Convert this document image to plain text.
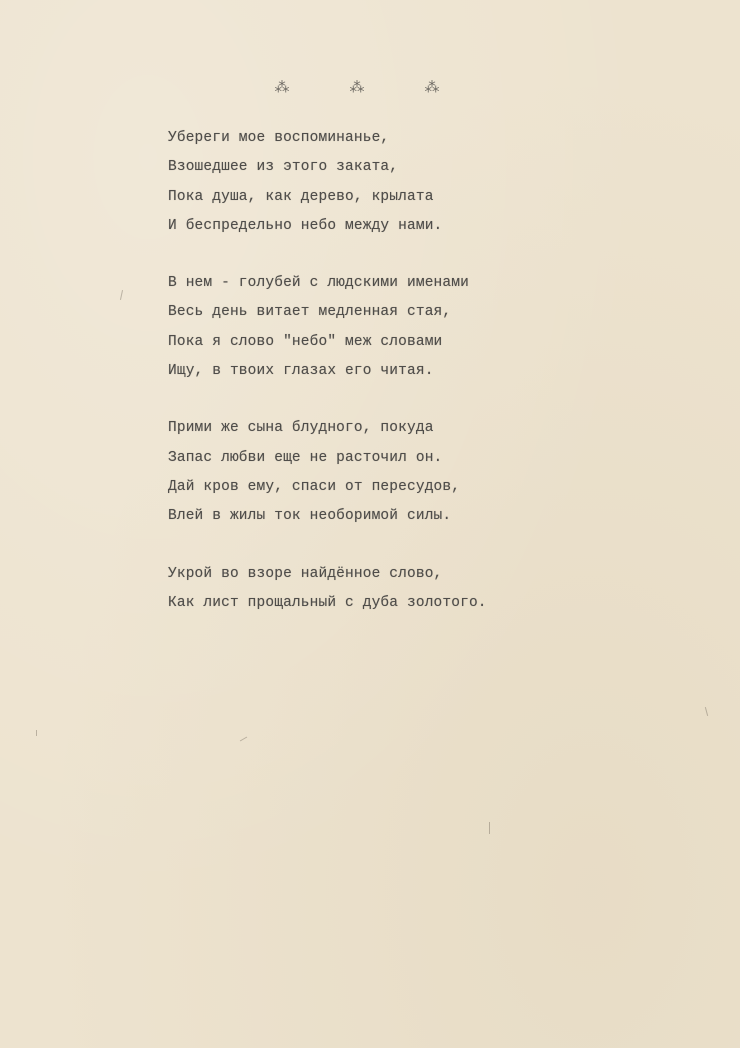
⁂	⁂	⁂
Убереги мое воспоминанье,
Взошедшее из этого заката,
Пока душа, как дерево, крылата
И беспредельно небо между нами.
В нем - голубей с людскими именами
Весь день витает медленная стая,
Пока я слово "небо" меж словами
Ищу, в твоих глазах его читая.
Прими же сына блудного, покуда
Запас любви еще не расточил он.
Дай кров ему, спаси от пересудов,
Влей в жилы ток необоримой силы.
Укрой во взоре найдённое слово,
Как лист прощальный с дуба золотого.
